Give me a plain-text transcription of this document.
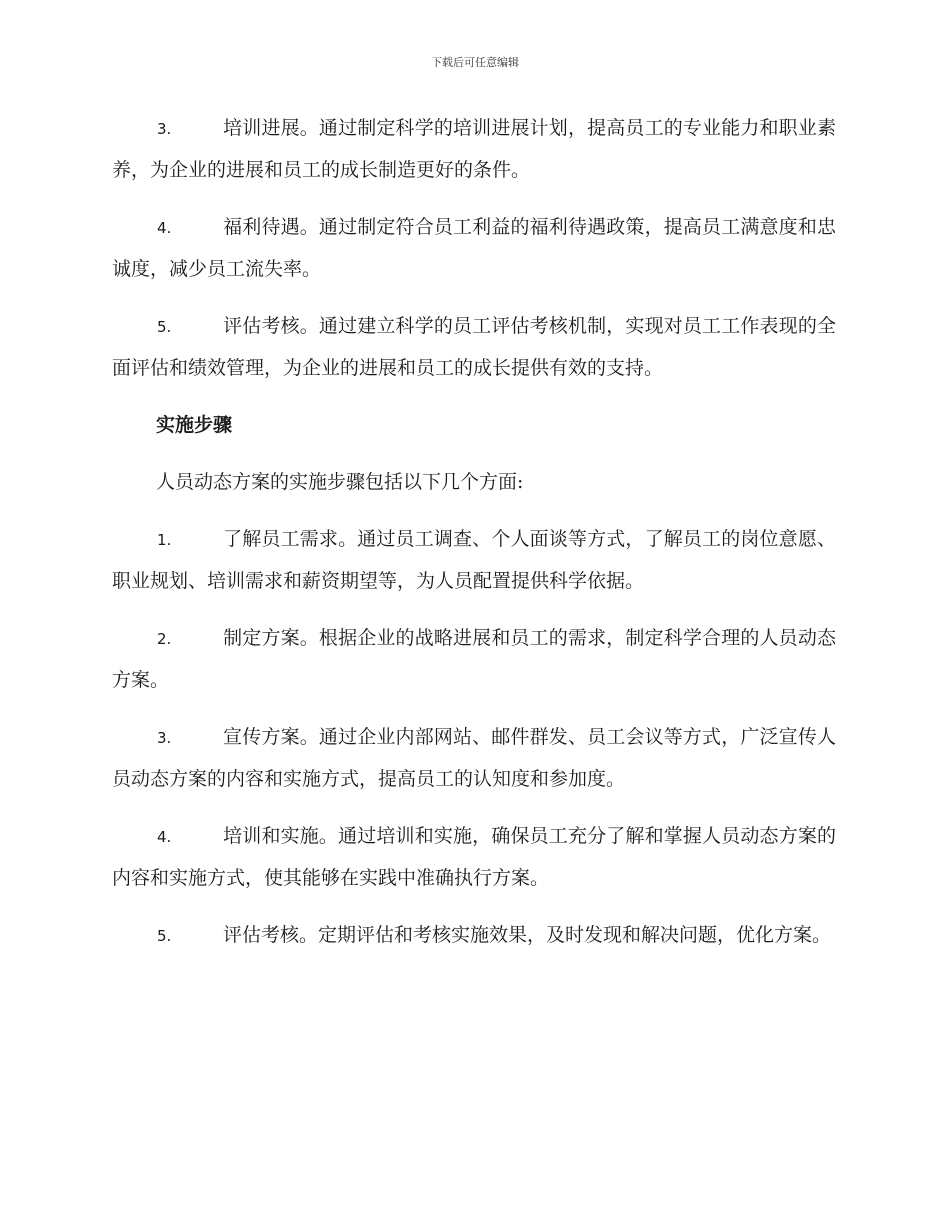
下载后可任意编辑

3.	培训进展。通过制定科学的培训进展计划，提高员工的专业能力和职业素养，为企业的进展和员工的成长制造更好的条件。

4.	福利待遇。通过制定符合员工利益的福利待遇政策，提高员工满意度和忠诚度，减少员工流失率。

5.	评估考核。通过建立科学的员工评估考核机制，实现对员工工作表现的全面评估和绩效管理，为企业的进展和员工的成长提供有效的支持。

实施步骤

人员动态方案的实施步骤包括以下几个方面:

1.	了解员工需求。通过员工调查、个人面谈等方式，了解员工的岗位意愿、职业规划、培训需求和薪资期望等，为人员配置提供科学依据。

2.	制定方案。根据企业的战略进展和员工的需求，制定科学合理的人员动态方案。

3.	宣传方案。通过企业内部网站、邮件群发、员工会议等方式，广泛宣传人员动态方案的内容和实施方式，提高员工的认知度和参加度。

4.	培训和实施。通过培训和实施，确保员工充分了解和掌握人员动态方案的内容和实施方式，使其能够在实践中准确执行方案。

5.	评估考核。定期评估和考核实施效果，及时发现和解决问题，优化方案。
